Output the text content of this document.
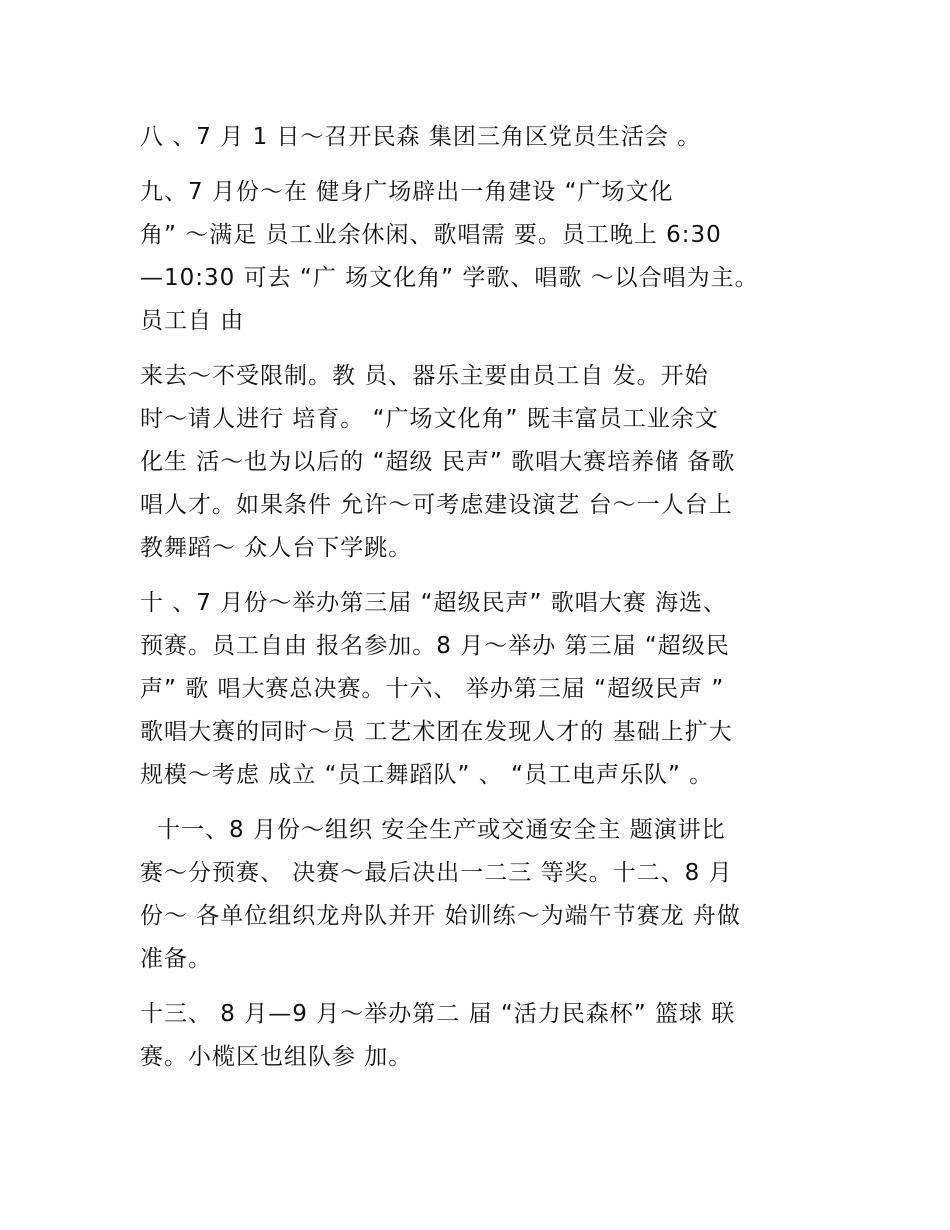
八 、7 月 1 日～召开民森 集团三角区党员生活会 。
九、7 月份～在 健身广场辟出一角建设 “广场文化
角” ～满足 员工业余休闲、歌唱需 要。员工晚上 6:30
—10:30 可去 “广 场文化角” 学歌、唱歌 ～以合唱为主。
员工自 由
来去～不受限制。教 员、器乐主要由员工自 发。开始
时～请人进行 培育。 “广场文化角” 既丰富员工业余文
化生 活～也为以后的 “超级 民声” 歌唱大赛培养储 备歌
唱人才。如果条件 允许～可考虑建设演艺 台～一人台上
教舞蹈～ 众人台下学跳。
十 、7 月份～举办第三届 “超级民声” 歌唱大赛 海选、
预赛。员工自由 报名参加。8 月～举办 第三届 “超级民
声” 歌 唱大赛总决赛。十六、 举办第三届 “超级民声 ”
歌唱大赛的同时～员 工艺术团在发现人才的 基础上扩大
规模～考虑 成立 “员工舞蹈队” 、 “员工电声乐队” 。
十一、8 月份～组织 安全生产或交通安全主 题演讲比
赛～分预赛、 决赛～最后决出一二三 等奖。十二、8 月
份～ 各单位组织龙舟队并开 始训练～为端午节赛龙 舟做
准备。
十三、 8 月—9 月～举办第二 届 “活力民森杯” 篮球 联
赛。小榄区也组队参 加。
